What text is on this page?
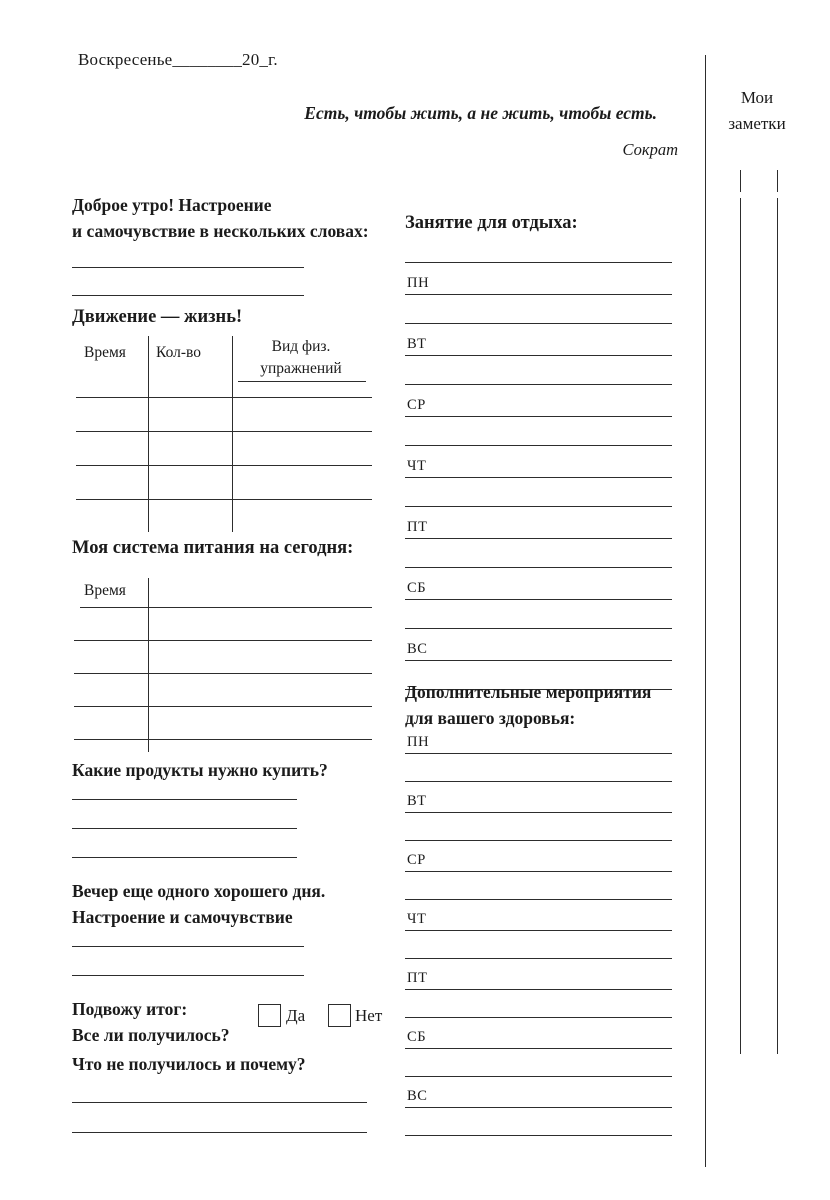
Воскресенье________20_г.
Есть, чтобы жить, а не жить, чтобы есть.
Сократ
Доброе утро! Настроение
и самочувствие в нескольких словах:
Движение — жизнь!
Время Кол-во	Вид физ.
упражнений
Моя система питания на сегодня:
Время
Какие продукты нужно купить?
Вечер еще одного хорошего дня.
Настроение и самочувствие
Подвожу итог:
Все ли получилось?
Да	Нет
Что не получилось и почему?
Занятие для отдыха:
ПН
ВТ
СР
ЧТ
ПТ
СБ
ВС
Дополнительные мероприятия
для вашего здоровья:
ПН
ВТ
СР
ЧТ
ПТ
СБ
ВС
Мои
заметки
